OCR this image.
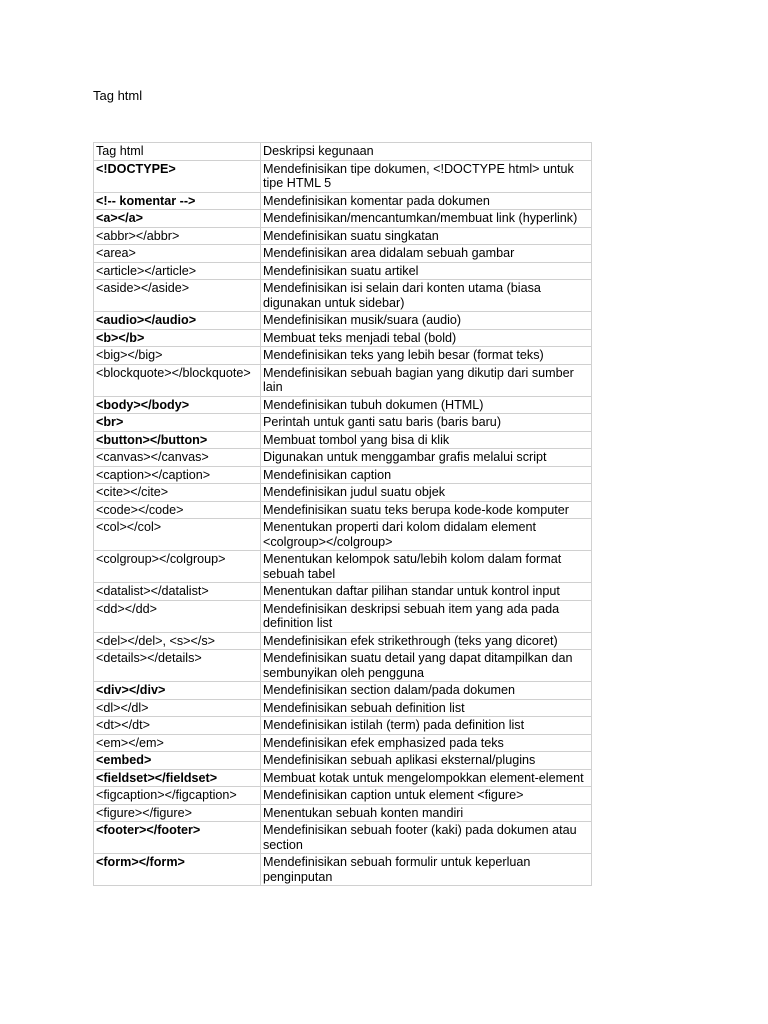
Tag html
Tag html	Deskripsi kegunaan
<!DOCTYPE>	Mendefinisikan tipe dokumen, <!DOCTYPE html> untuk tipe HTML 5
<!-- komentar -->	Mendefinisikan komentar pada dokumen
<a></a>	Mendefinisikan/mencantumkan/membuat link (hyperlink)
<abbr></abbr>	Mendefinisikan suatu singkatan
<area>	Mendefinisikan area didalam sebuah gambar
<article></article>	Mendefinisikan suatu artikel
<aside></aside>	Mendefinisikan isi selain dari konten utama (biasa digunakan untuk sidebar)
<audio></audio>	Mendefinisikan musik/suara (audio)
<b></b>	Membuat teks menjadi tebal (bold)
<big></big>	Mendefinisikan teks yang lebih besar (format teks)
<blockquote></blockquote>	Mendefinisikan sebuah bagian yang dikutip dari sumber lain
<body></body>	Mendefinisikan tubuh dokumen (HTML)
<br>	Perintah untuk ganti satu baris (baris baru)
<button></button>	Membuat tombol yang bisa di klik
<canvas></canvas>	Digunakan untuk menggambar grafis melalui script
<caption></caption>	Mendefinisikan caption
<cite></cite>	Mendefinisikan judul suatu objek
<code></code>	Mendefinisikan suatu teks berupa kode-kode komputer
<col></col>	Menentukan properti dari kolom didalam element <colgroup></colgroup>
<colgroup></colgroup>	Menentukan kelompok satu/lebih kolom dalam format sebuah tabel
<datalist></datalist>	Menentukan daftar pilihan standar untuk kontrol input
<dd></dd>	Mendefinisikan deskripsi sebuah item yang ada pada definition list
<del></del>, <s></s>	Mendefinisikan efek strikethrough (teks yang dicoret)
<details></details>	Mendefinisikan suatu detail yang dapat ditampilkan dan sembunyikan oleh pengguna
<div></div>	Mendefinisikan section dalam/pada dokumen
<dl></dl>	Mendefinisikan sebuah definition list
<dt></dt>	Mendefinisikan istilah (term) pada definition list
<em></em>	Mendefinisikan efek emphasized pada teks
<embed>	Mendefinisikan sebuah aplikasi eksternal/plugins
<fieldset></fieldset>	Membuat kotak untuk mengelompokkan element-element
<figcaption></figcaption>	Mendefinisikan caption untuk element <figure>
<figure></figure>	Menentukan sebuah konten mandiri
<footer></footer>	Mendefinisikan sebuah footer (kaki) pada dokumen atau section
<form></form>	Mendefinisikan sebuah formulir untuk keperluan penginputan
